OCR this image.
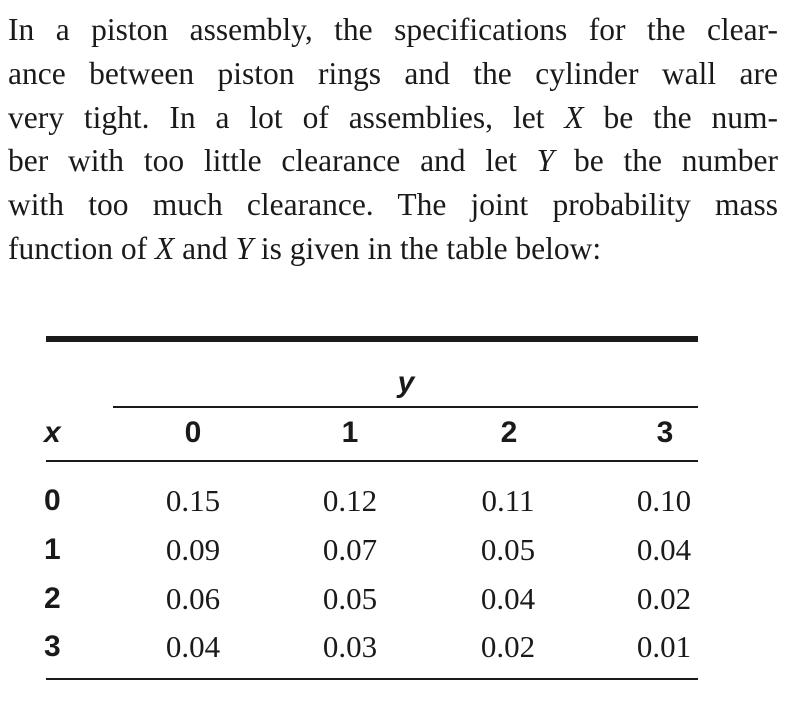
In a piston assembly, the specifications for the clear-
ance between piston rings and the cylinder wall are
very tight. In a lot of assemblies, let X be the num-
ber with too little clearance and let Y be the number
with too much clearance. The joint probability mass
function of X and Y is given in the table below:

y
x	0	1	2	3
0	0.15	0.12	0.11	0.10
1	0.09	0.07	0.05	0.04
2	0.06	0.05	0.04	0.02
3	0.04	0.03	0.02	0.01
